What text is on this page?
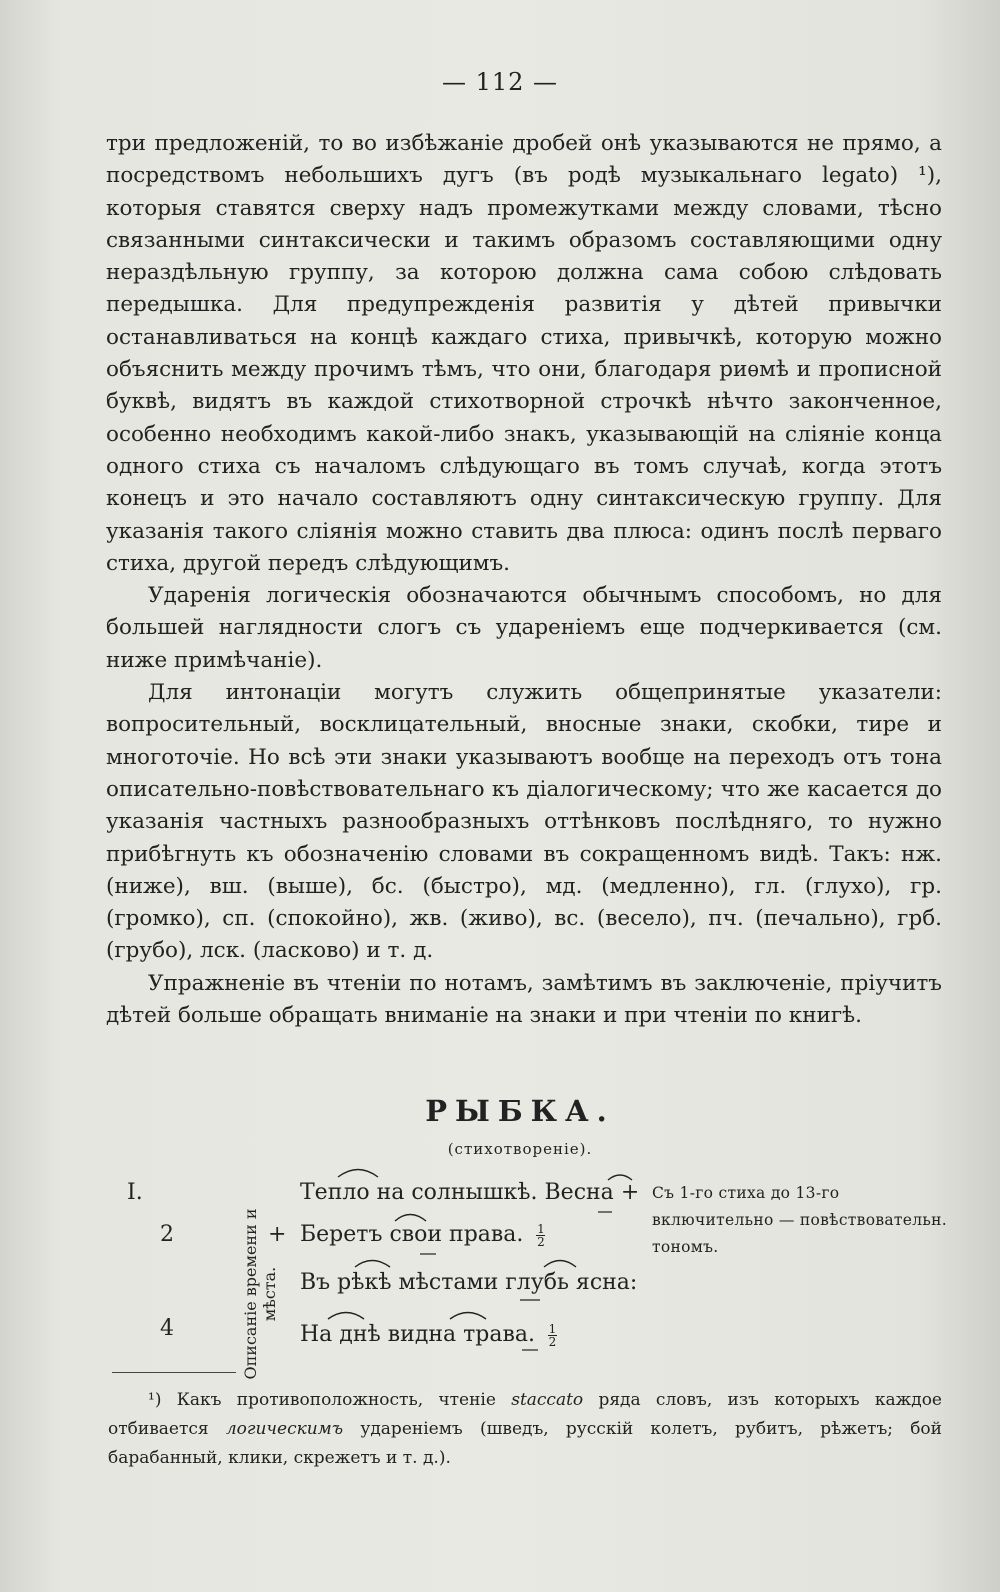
— 112 —

три предложеній, то во избѣжаніе дробей онѣ указываются не прямо, а посредствомъ небольшихъ дугъ (въ родѣ музыкальнаго legato) ¹), которыя ставятся сверху надъ промежутками между словами, тѣсно связанными синтаксически и такимъ образомъ составляющими одну нераздѣльную группу, за которою должна сама собою слѣдовать передышка. Для предупрежденія развитія у дѣтей привычки останавливаться на концѣ каждаго стиха, привычкѣ, которую можно объяснить между прочимъ тѣмъ, что они, благодаря риѳмѣ и прописной буквѣ, видятъ въ каждой стихотворной строчкѣ нѣчто законченное, особенно необходимъ какой-либо знакъ, указывающій на сліяніе конца одного стиха съ началомъ слѣдующаго въ томъ случаѣ, когда этотъ конецъ и это начало составляютъ одну синтаксическую группу. Для указанія такого сліянія можно ставить два плюса: одинъ послѣ перваго стиха, другой передъ слѣдующимъ.

Ударенія логическія обозначаются обычнымъ способомъ, но для большей наглядности слогъ съ удареніемъ еще подчеркивается (см. ниже примѣчаніе).

Для интонаціи могутъ служить общепринятые указатели: вопросительный, восклицательный, вносные знаки, скобки, тире и многоточіе. Но всѣ эти знаки указываютъ вообще на переходъ отъ тона описательно-повѣствовательнаго къ діалогическому; что же касается до указанія частныхъ разнообразныхъ оттѣнковъ послѣдняго, то нужно прибѣгнуть къ обозначенію словами въ сокращенномъ видѣ. Такъ: нж. (ниже), вш. (выше), бс. (быстро), мд. (медленно), гл. (глухо), гр. (громко), сп. (спокойно), жв. (живо), вс. (весело), пч. (печально), грб. (грубо), лск. (ласково) и т. д.

Упражненіе въ чтеніи по нотамъ, замѣтимъ въ заключеніе, пріучитъ дѣтей больше обращать вниманіе на знаки и при чтеніи по книгѣ.

РЫБКА.
(стихотвореніе).
Описаніе времени и мѣста.
I.	Тепло на солнышкѣ. Весна +
2	+ Беретъ свои права. $\frac{1}{2}$
Въ рѣкѣ мѣстами глубь ясна:
4	На днѣ видна трава. $\frac{1}{2}$
Съ 1-го стиха до 13-го включительно — повѣствовательн. тономъ.
¹) Какъ противоположность, чтеніе staccato ряда словъ, изъ которыхъ каждое отбивается логическимъ удареніемъ (шведъ, русскій колетъ, рубитъ, рѣжетъ; бой барабанный, клики, скрежетъ и т. д.).
